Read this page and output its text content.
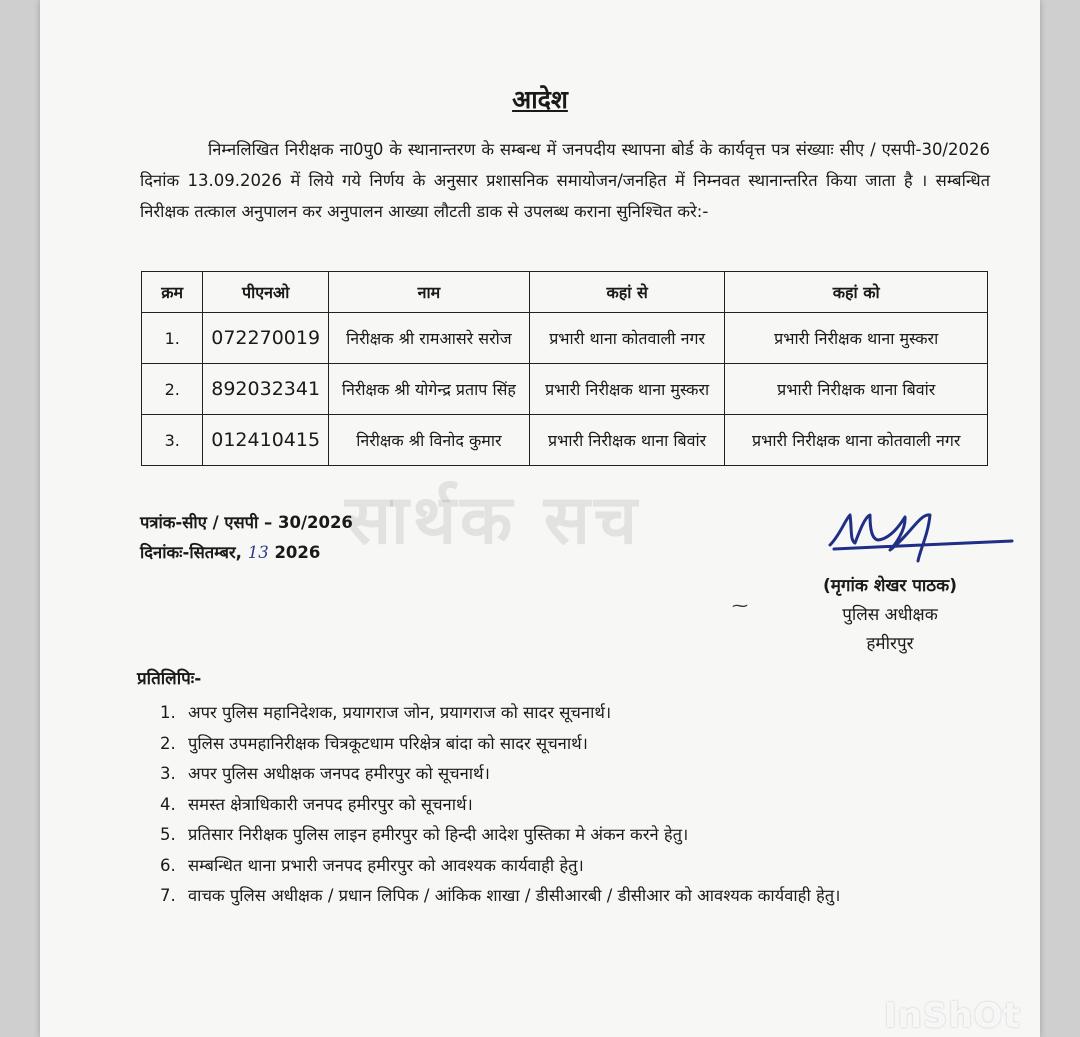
आदेश

निम्नलिखित निरीक्षक ना0पु0 के स्थानान्तरण के सम्बन्ध में जनपदीय स्थापना बोर्ड के कार्यवृत्त पत्र संख्याः सीए / एसपी-30/2026 दिनांक 13.09.2026 में लिये गये निर्णय के अनुसार प्रशासनिक समायोजन/जनहित में निम्नवत स्थानान्तरित किया जाता है । सम्बन्धित निरीक्षक तत्काल अनुपालन कर अनुपालन आख्या लौटती डाक से उपलब्ध कराना सुनिश्चित करे:-

क्रम	पीएनओ	नाम	कहां से	कहां को
1.	072270019	निरीक्षक श्री रामआसरे सरोज	प्रभारी थाना कोतवाली नगर	प्रभारी निरीक्षक थाना मुस्करा
2.	892032341	निरीक्षक श्री योगेन्द्र प्रताप सिंह	प्रभारी निरीक्षक थाना मुस्करा	प्रभारी निरीक्षक थाना बिवांर
3.	012410415	निरीक्षक श्री विनोद कुमार	प्रभारी निरीक्षक थाना बिवांर	प्रभारी निरीक्षक थाना कोतवाली नगर
सार्थक सच
पत्रांक-सीए / एसपी – 30/2026
दिनांकः-सितम्बर, 13 2026
⁓
(मृगांक शेखर पाठक)
पुलिस अधीक्षक
हमीरपुर
प्रतिलिपिः-
1. अपर पुलिस महानिदेशक, प्रयागराज जोन, प्रयागराज को सादर सूचनार्थ।
2. पुलिस उपमहानिरीक्षक चित्रकूटधाम परिक्षेत्र बांदा को सादर सूचनार्थ।
3. अपर पुलिस अधीक्षक जनपद हमीरपुर को सूचनार्थ।
4. समस्त क्षेत्राधिकारी जनपद हमीरपुर को सूचनार्थ।
5. प्रतिसार निरीक्षक पुलिस लाइन हमीरपुर को हिन्दी आदेश पुस्तिका मे अंकन करने हेतु।
6. सम्बन्धित थाना प्रभारी जनपद हमीरपुर को आवश्यक कार्यवाही हेतु।
7. वाचक पुलिस अधीक्षक / प्रधान लिपिक / आंकिक शाखा / डीसीआरबी / डीसीआर को आवश्यक कार्यवाही हेतु।
InShOt
